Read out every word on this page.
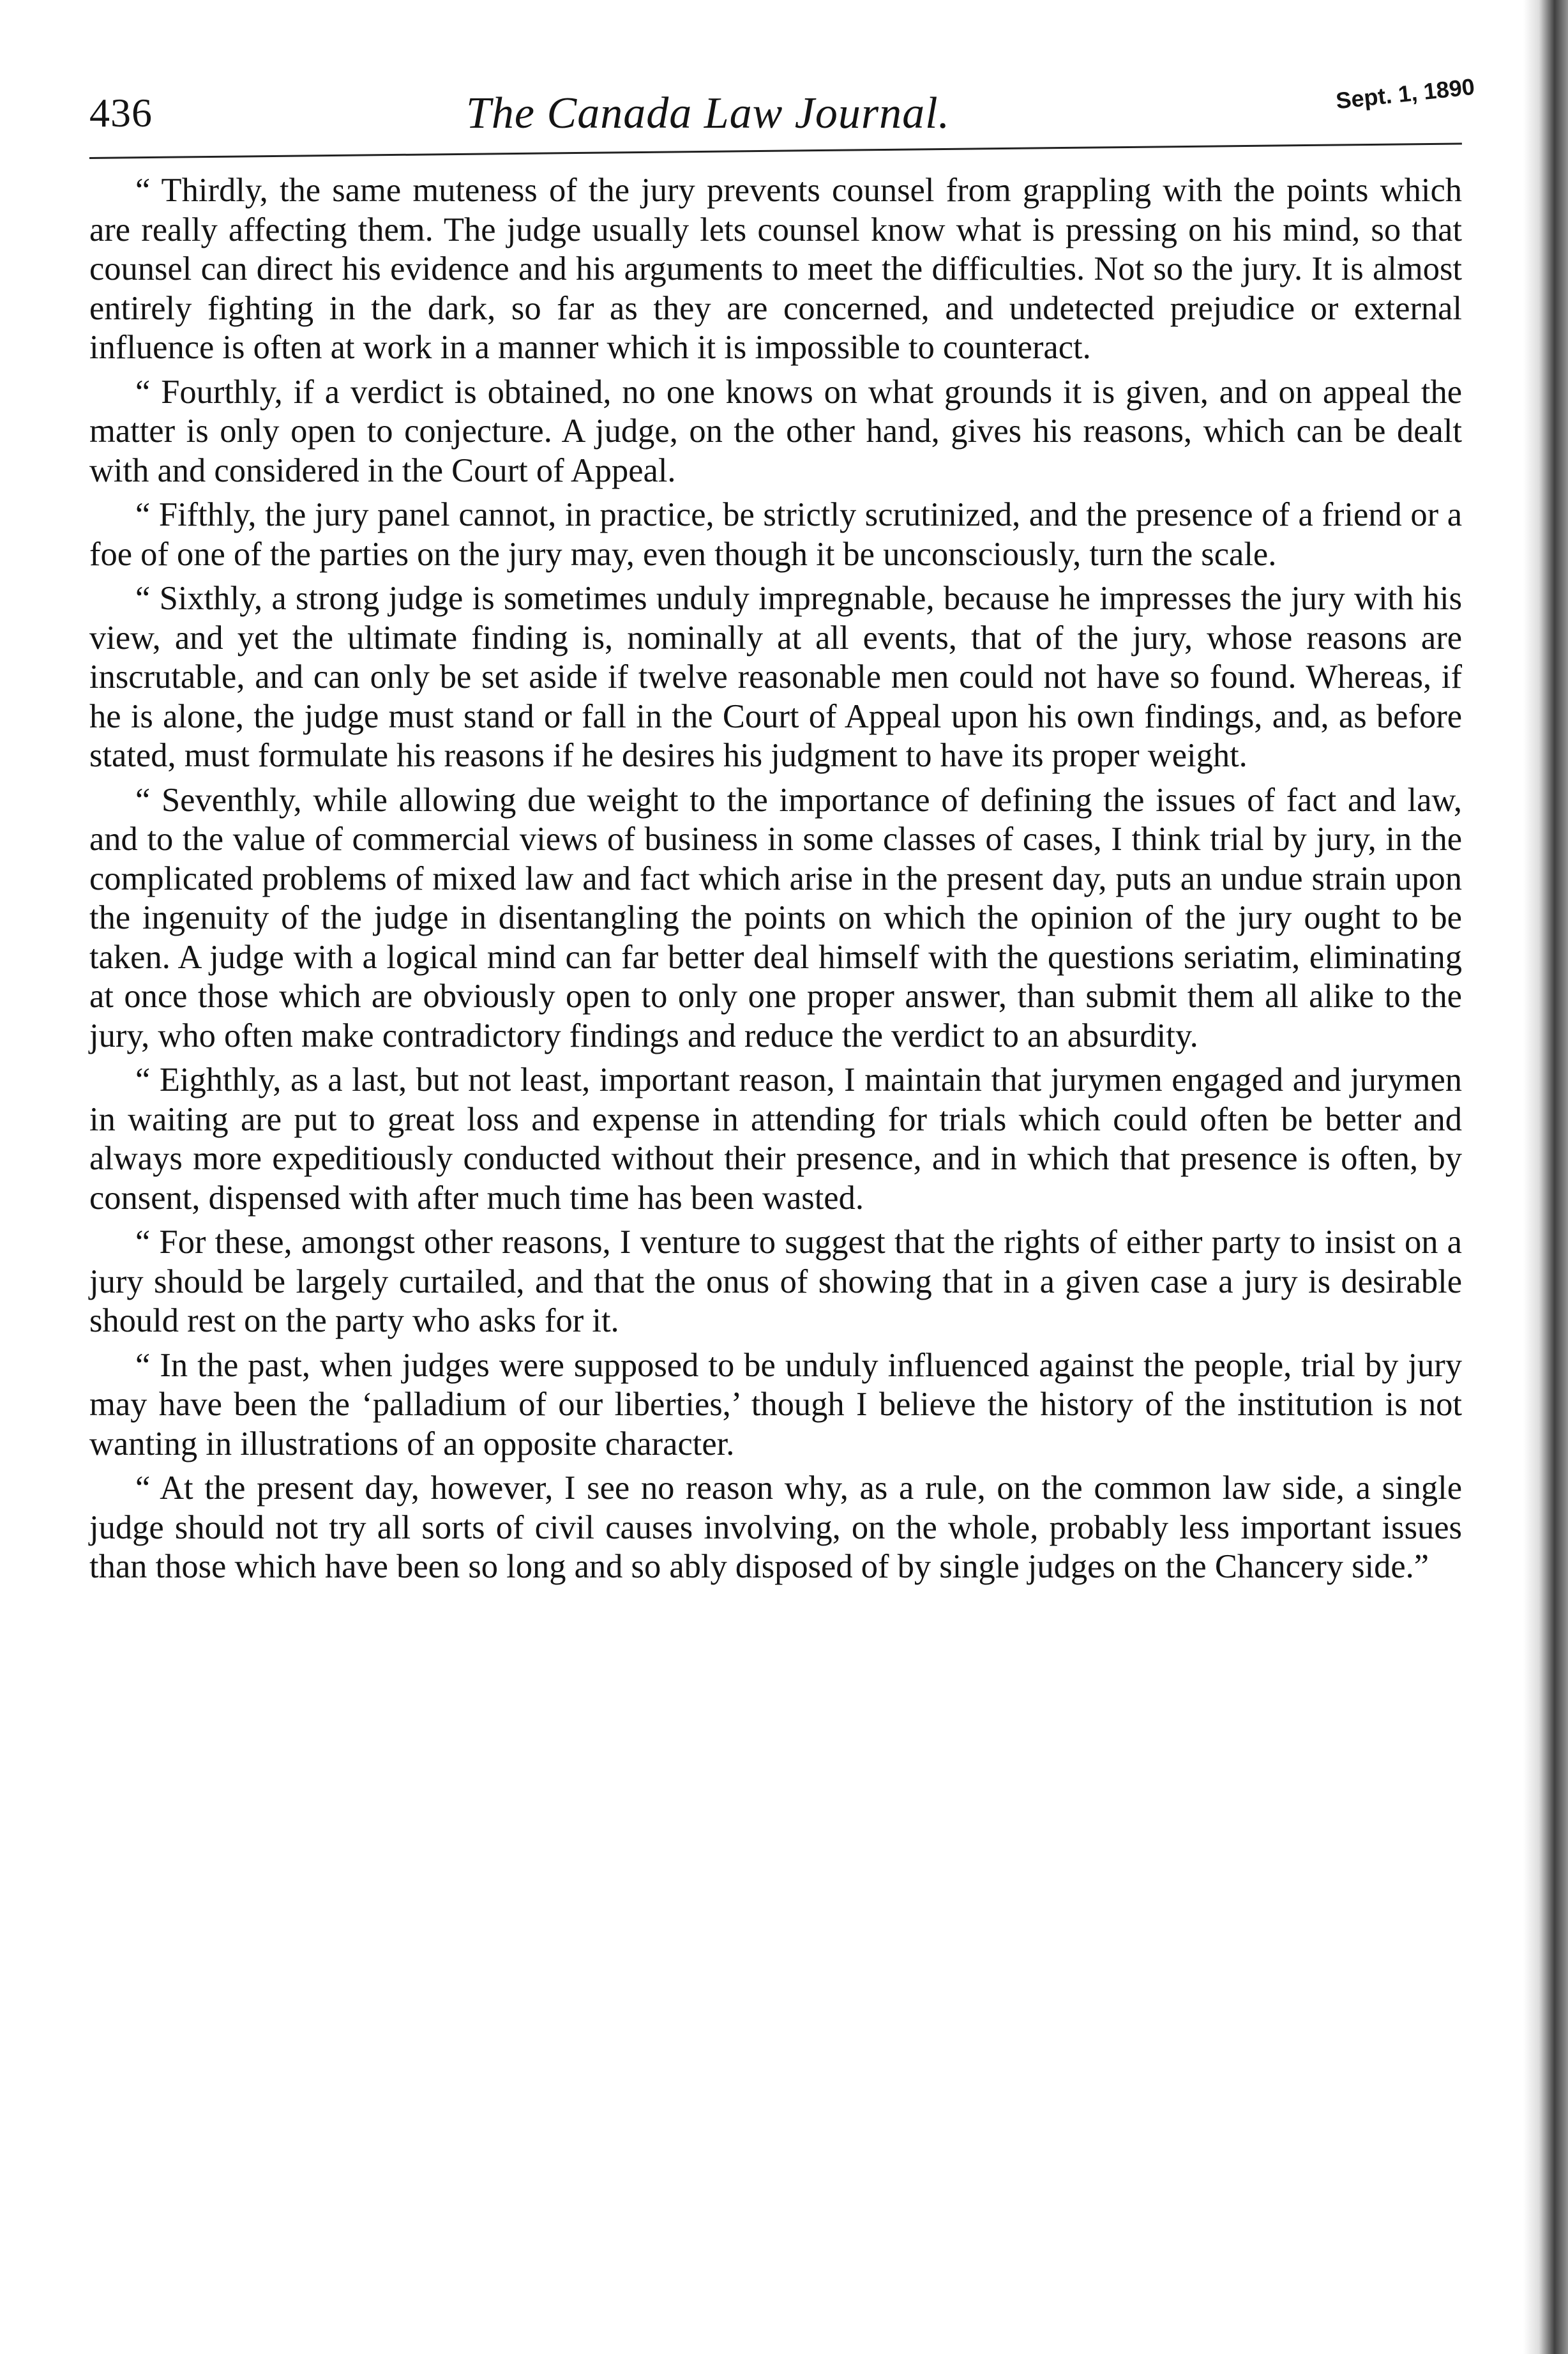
436	The Canada Law Journal.	Sept. 1, 1890

“ Thirdly, the same muteness of the jury prevents counsel from grappling with the points which are really affecting them. The judge usually lets counsel know what is pressing on his mind, so that counsel can direct his evidence and his arguments to meet the difficulties. Not so the jury. It is almost entirely fighting in the dark, so far as they are concerned, and undetected prejudice or external influence is often at work in a manner which it is impossible to counteract.

“ Fourthly, if a verdict is obtained, no one knows on what grounds it is given, and on appeal the matter is only open to conjecture. A judge, on the other hand, gives his reasons, which can be dealt with and considered in the Court of Appeal.

“ Fifthly, the jury panel cannot, in practice, be strictly scrutinized, and the presence of a friend or a foe of one of the parties on the jury may, even though it be unconsciously, turn the scale.

“ Sixthly, a strong judge is sometimes unduly impregnable, because he impresses the jury with his view, and yet the ultimate finding is, nominally at all events, that of the jury, whose reasons are inscrutable, and can only be set aside if twelve reasonable men could not have so found. Whereas, if he is alone, the judge must stand or fall in the Court of Appeal upon his own findings, and, as before stated, must formulate his reasons if he desires his judgment to have its proper weight.

“ Seventhly, while allowing due weight to the importance of defining the issues of fact and law, and to the value of commercial views of business in some classes of cases, I think trial by jury, in the complicated problems of mixed law and fact which arise in the present day, puts an undue strain upon the ingenuity of the judge in disentangling the points on which the opinion of the jury ought to be taken. A judge with a logical mind can far better deal himself with the questions seriatim, eliminating at once those which are obviously open to only one proper answer, than submit them all alike to the jury, who often make contradictory findings and reduce the verdict to an absurdity.

“ Eighthly, as a last, but not least, important reason, I maintain that jurymen engaged and jurymen in waiting are put to great loss and expense in attending for trials which could often be better and always more expeditiously conducted without their presence, and in which that presence is often, by consent, dispensed with after much time has been wasted.

“ For these, amongst other reasons, I venture to suggest that the rights of either party to insist on a jury should be largely curtailed, and that the onus of showing that in a given case a jury is desirable should rest on the party who asks for it.

“ In the past, when judges were supposed to be unduly influenced against the people, trial by jury may have been the ‘palladium of our liberties,’ though I believe the history of the institution is not wanting in illustrations of an opposite character.

“ At the present day, however, I see no reason why, as a rule, on the common law side, a single judge should not try all sorts of civil causes involving, on the whole, probably less important issues than those which have been so long and so ably disposed of by single judges on the Chancery side.”
